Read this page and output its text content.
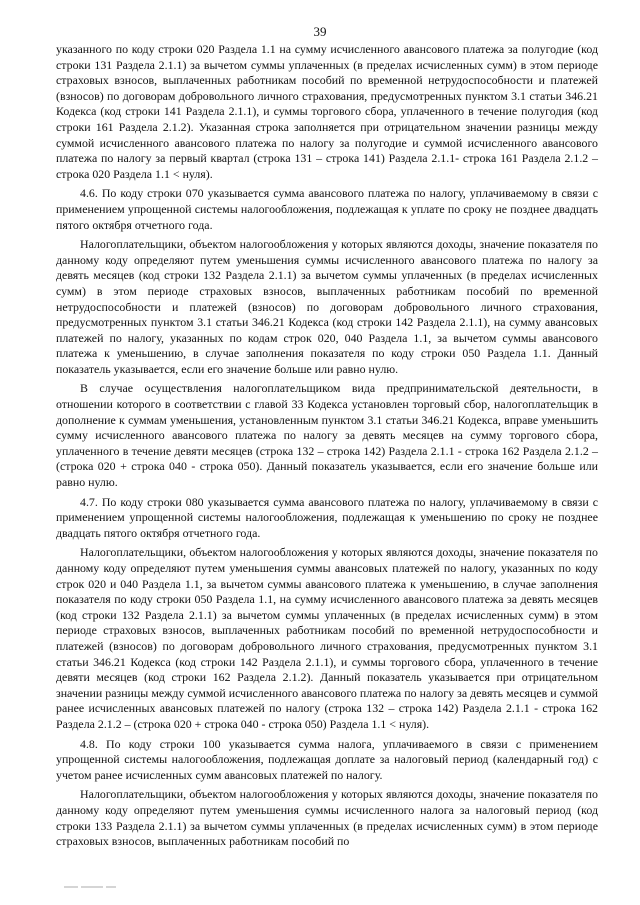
39

указанного по коду строки 020 Раздела 1.1 на сумму исчисленного авансового платежа за полугодие (код строки 131 Раздела 2.1.1) за вычетом суммы уплаченных (в пределах исчисленных сумм) в этом периоде страховых взносов, выплаченных работникам пособий по временной нетрудоспособности и платежей (взносов) по договорам добровольного личного страхования, предусмотренных пунктом 3.1 статьи 346.21 Кодекса (код строки 141 Раздела 2.1.1), и суммы торгового сбора, уплаченного в течение полугодия (код строки 161 Раздела 2.1.2). Указанная строка заполняется при отрицательном значении разницы между суммой исчисленного авансового платежа по налогу за полугодие и суммой исчисленного авансового платежа по налогу за первый квартал (строка 131 – строка 141) Раздела 2.1.1- строка 161 Раздела 2.1.2 – строка 020 Раздела 1.1 < нуля).

4.6. По коду строки 070 указывается сумма авансового платежа по налогу, уплачиваемому в связи с применением упрощенной системы налогообложения, подлежащая к уплате по сроку не позднее двадцать пятого октября отчетного года.

Налогоплательщики, объектом налогообложения у которых являются доходы, значение показателя по данному коду определяют путем уменьшения суммы исчисленного авансового платежа по налогу за девять месяцев (код строки 132 Раздела 2.1.1) за вычетом суммы уплаченных (в пределах исчисленных сумм) в этом периоде страховых взносов, выплаченных работникам пособий по временной нетрудоспособности и платежей (взносов) по договорам добровольного личного страхования, предусмотренных пунктом 3.1 статьи 346.21 Кодекса (код строки 142 Раздела 2.1.1), на сумму авансовых платежей по налогу, указанных по кодам строк 020, 040 Раздела 1.1, за вычетом суммы авансового платежа к уменьшению, в случае заполнения показателя по коду строки 050 Раздела 1.1. Данный показатель указывается, если его значение больше или равно нулю.

В случае осуществления налогоплательщиком вида предпринимательской деятельности, в отношении которого в соответствии с главой 33 Кодекса установлен торговый сбор, налогоплательщик в дополнение к суммам уменьшения, установленным пунктом 3.1 статьи 346.21 Кодекса, вправе уменьшить сумму исчисленного авансового платежа по налогу за девять месяцев на сумму торгового сбора, уплаченного в течение девяти месяцев (строка 132 – строка 142) Раздела 2.1.1 - строка 162 Раздела 2.1.2 – (строка 020 + строка 040 - строка 050). Данный показатель указывается, если его значение больше или равно нулю.

4.7. По коду строки 080 указывается сумма авансового платежа по налогу, уплачиваемому в связи с применением упрощенной системы налогообложения, подлежащая к уменьшению по сроку не позднее двадцать пятого октября отчетного года.

Налогоплательщики, объектом налогообложения у которых являются доходы, значение показателя по данному коду определяют путем уменьшения суммы авансовых платежей по налогу, указанных по коду строк 020 и 040 Раздела 1.1, за вычетом суммы авансового платежа к уменьшению, в случае заполнения показателя по коду строки 050 Раздела 1.1, на сумму исчисленного авансового платежа за девять месяцев (код строки 132 Раздела 2.1.1) за вычетом суммы уплаченных (в пределах исчисленных сумм) в этом периоде страховых взносов, выплаченных работникам пособий по временной нетрудоспособности и платежей (взносов) по договорам добровольного личного страхования, предусмотренных пунктом 3.1 статьи 346.21 Кодекса (код строки 142 Раздела 2.1.1), и суммы торгового сбора, уплаченного в течение девяти месяцев (код строки 162 Раздела 2.1.2). Данный показатель указывается при отрицательном значении разницы между суммой исчисленного авансового платежа по налогу за девять месяцев и суммой ранее исчисленных авансовых платежей по налогу (строка 132 – строка 142) Раздела 2.1.1 - строка 162 Раздела 2.1.2 – (строка 020 + строка 040 - строка 050) Раздела 1.1 < нуля).

4.8. По коду строки 100 указывается сумма налога, уплачиваемого в связи с применением упрощенной системы налогообложения, подлежащая доплате за налоговый период (календарный год) с учетом ранее исчисленных сумм авансовых платежей по налогу.

Налогоплательщики, объектом налогообложения у которых являются доходы, значение показателя по данному коду определяют путем уменьшения суммы исчисленного налога за налоговый период (код строки 133 Раздела 2.1.1) за вычетом суммы уплаченных (в пределах исчисленных сумм) в этом периоде страховых взносов, выплаченных работникам пособий по
